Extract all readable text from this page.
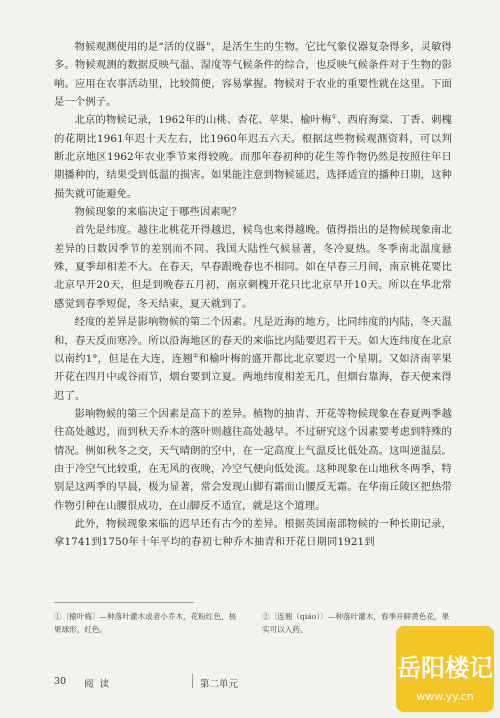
物候观测使用的是“活的仪器”，是活生生的生物。它比气象仪器复杂得多，灵敏得多。物候观测的数据反映气温、湿度等气候条件的综合，也反映气候条件对于生物的影响。应用在农事活动里，比较简便，容易掌握。物候对于农业的重要性就在这里。下面是一个例子。

北京的物候记录，1962年的山桃、杏花、苹果、榆叶梅①、西府海棠、丁香、刺槐的花期比1961年迟十天左右，比1960年迟五六天。根据这些物候观测资料，可以判断北京地区1962年农业季节来得较晚。而那年春初种的花生等作物仍然是按照往年日期播种的，结果受到低温的损害。如果能注意到物候延迟，选择适宜的播种日期，这种损失就可能避免。

物候现象的来临决定于哪些因素呢？

首先是纬度。越往北桃花开得越迟，候鸟也来得越晚。值得指出的是物候现象南北差异的日数因季节的差别而不同。我国大陆性气候显著，冬冷夏热。冬季南北温度悬殊，夏季却相差不大。在春天，早春跟晚春也不相同。如在早春三月间，南京桃花要比北京早开20天，但是到晚春五月初，南京刺槐开花只比北京早开10天。所以在华北常感觉到春季短促，冬天结束，夏天就到了。

经度的差异是影响物候的第二个因素。凡是近海的地方，比同纬度的内陆，冬天温和，春天反而寒冷。所以沿海地区的春天的来临比内陆要迟若干天。如大连纬度在北京以南约1°，但是在大连，连翘②和榆叶梅的盛开都比北京要迟一个星期。又如济南苹果开花在四月中或谷雨节，烟台要到立夏。两地纬度相差无几，但烟台靠海，春天便来得迟了。

影响物候的第三个因素是高下的差异。植物的抽青、开花等物候现象在春夏两季越往高处越迟，而到秋天乔木的落叶则越往高处越早。不过研究这个因素要考虑到特殊的情况。例如秋冬之交，天气晴朗的空中，在一定高度上气温反比低处高。这叫逆温层。由于冷空气比较重，在无风的夜晚，冷空气便向低处流。这种现象在山地秋冬两季，特别是这两季的早晨，极为显著，常会发现山脚有霜而山腰反无霜。在华南丘陵区把热带作物引种在山腰很成功，在山脚反不适宜，就是这个道理。

此外，物候现象来临的迟早还有古今的差异。根据英国南部物候的一种长期记录，拿1741到1750年十年平均的春初七种乔木抽青和开花日期同1921到

①〔榆叶梅〕—种落叶灌木或者小乔木，花粉红色，核果球形，红色。
②〔连翘（qiáo）〕—种落叶灌木，春季开鲜黄色花，果实可以入药。
30 阅读	第二单元
岳阳楼记
www.yy.cn
